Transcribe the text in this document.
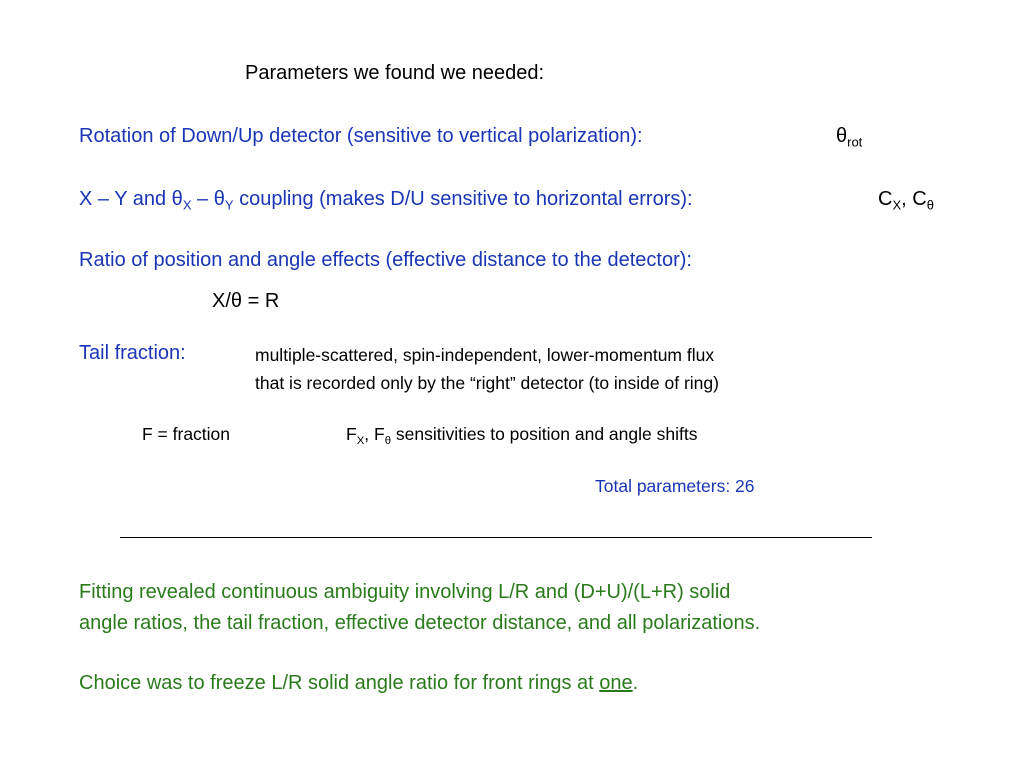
Parameters we found we needed:
Rotation of Down/Up detector (sensitive to vertical polarization):	$\theta_{rot}$
X – Y and $\theta_X - \theta_Y$ coupling (makes D/U sensitive to horizontal errors):	$C_X$, $C_\theta$
Ratio of position and angle effects (effective distance to the detector):
X/θ = R
Tail fraction:	multiple-scattered, spin-independent, lower-momentum flux
that is recorded only by the “right” detector (to inside of ring)
F = fraction	$F_X$, $F_\theta$ sensitivities to position and angle shifts
Total parameters: 26
Fitting revealed continuous ambiguity involving L/R and (D+U)/(L+R) solid
angle ratios, the tail fraction, effective detector distance, and all polarizations.
Choice was to freeze L/R solid angle ratio for front rings at one.
